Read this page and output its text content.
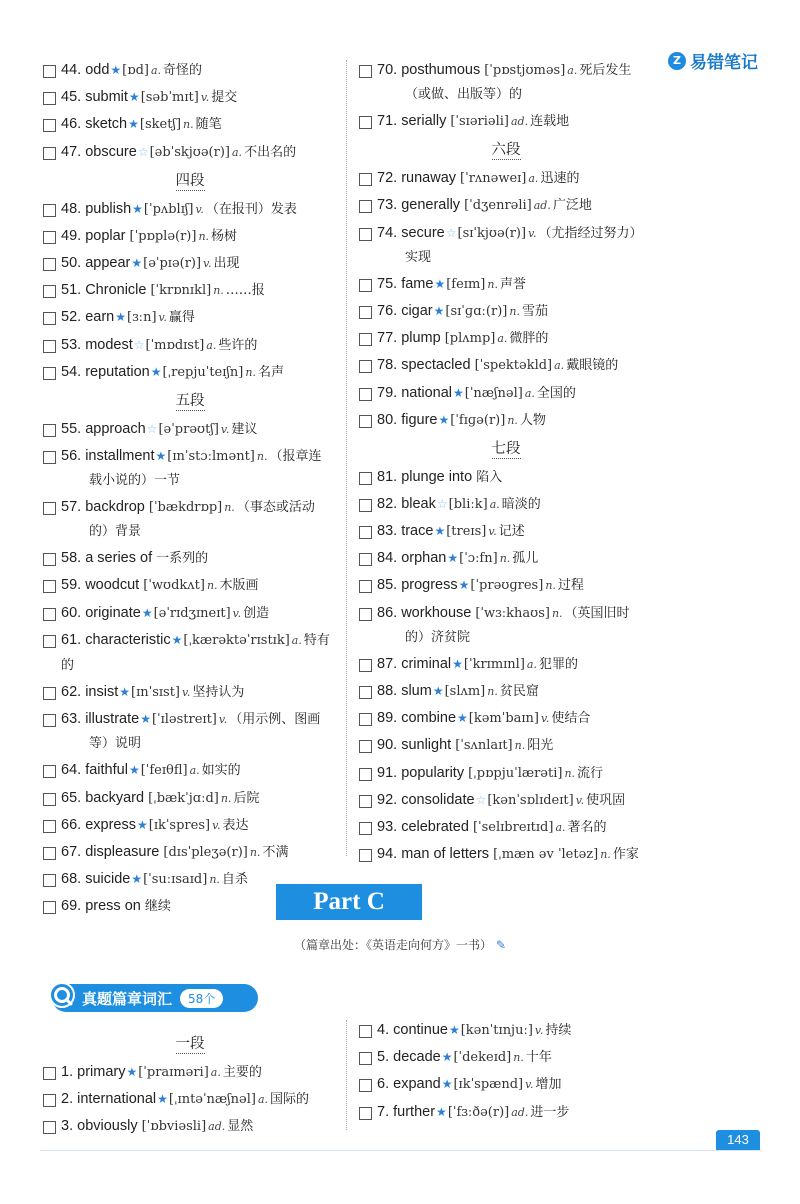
Z 易错笔记
44. odd★[ɒd] a. 奇怪的
45. submit★[səbˈmɪt] v. 提交
46. sketch★[sketʃ] n. 随笔
47. obscure☆[əbˈskjʊə(r)] a. 不出名的
四段
48. publish★[ˈpʌblɪʃ] v. （在报刊）发表
49. poplar [ˈpɒplə(r)] n. 杨树
50. appear★[əˈpɪə(r)] v. 出现
51. Chronicle [ˈkrɒnɪkl] n. ……报
52. earn★[ɜːn] v. 赢得
53. modest☆[ˈmɒdɪst] a. 些许的
54. reputation★[ˌrepjuˈteɪʃn] n. 名声
五段
55. approach☆[əˈprəʊtʃ] v. 建议
56. installment★[ɪnˈstɔːlmənt] n. （报章连
载小说的）一节
57. backdrop [ˈbækdrɒp] n. （事态或活动
的）背景
58. a series of 一系列的
59. woodcut [ˈwʊdkʌt] n. 木版画
60. originate★[əˈrɪdʒɪneɪt] v. 创造
61. characteristic★[ˌkærəktəˈrɪstɪk] a. 特有的
62. insist★[ɪnˈsɪst] v. 坚持认为
63. illustrate★[ˈɪləstreɪt] v. （用示例、图画
等）说明
64. faithful★[ˈfeɪθfl] a. 如实的
65. backyard [ˌbækˈjɑːd] n. 后院
66. express★[ɪkˈspres] v. 表达
67. displeasure [dɪsˈpleʒə(r)] n. 不满
68. suicide★[ˈsuːɪsaɪd] n. 自杀
69. press on 继续
70. posthumous [ˈpɒstjʊməs] a. 死后发生
（或做、出版等）的
71. serially [ˈsɪəriəli] ad. 连载地
六段
72. runaway [ˈrʌnəweɪ] a. 迅速的
73. generally [ˈdʒenrəli] ad. 广泛地
74. secure☆[sɪˈkjʊə(r)] v. （尤指经过努力）
实现
75. fame★[feɪm] n. 声誉
76. cigar★[sɪˈɡɑː(r)] n. 雪茄
77. plump [plʌmp] a. 微胖的
78. spectacled [ˈspektəkld] a. 戴眼镜的
79. national★[ˈnæʃnəl] a. 全国的
80. figure★[ˈfɪɡə(r)] n. 人物
七段
81. plunge into 陷入
82. bleak☆[bliːk] a. 暗淡的
83. trace★[treɪs] v. 记述
84. orphan★[ˈɔːfn] n. 孤儿
85. progress★[ˈprəʊɡres] n. 过程
86. workhouse [ˈwɜːkhaʊs] n. （英国旧时
的）济贫院
87. criminal★[ˈkrɪmɪnl] a. 犯罪的
88. slum★[slʌm] n. 贫民窟
89. combine★[kəmˈbaɪn] v. 使结合
90. sunlight [ˈsʌnlaɪt] n. 阳光
91. popularity [ˌpɒpjuˈlærəti] n. 流行
92. consolidate☆[kənˈsɒlɪdeɪt] v. 使巩固
93. celebrated [ˈselɪbreɪtɪd] a. 著名的
94. man of letters [ˌmæn əv ˈletəz] n. 作家
Part C
（篇章出处：《英语走向何方》一书） ✎
真题篇章词汇	58个
一段
1. primary★[ˈpraɪməri] a. 主要的
2. international★[ˌɪntəˈnæʃnəl] a. 国际的
3. obviously [ˈɒbviəsli] ad. 显然
4. continue★[kənˈtɪnjuː] v. 持续
5. decade★[ˈdekeɪd] n. 十年
6. expand★[ɪkˈspænd] v. 增加
7. further★[ˈfɜːðə(r)] ad. 进一步
143
